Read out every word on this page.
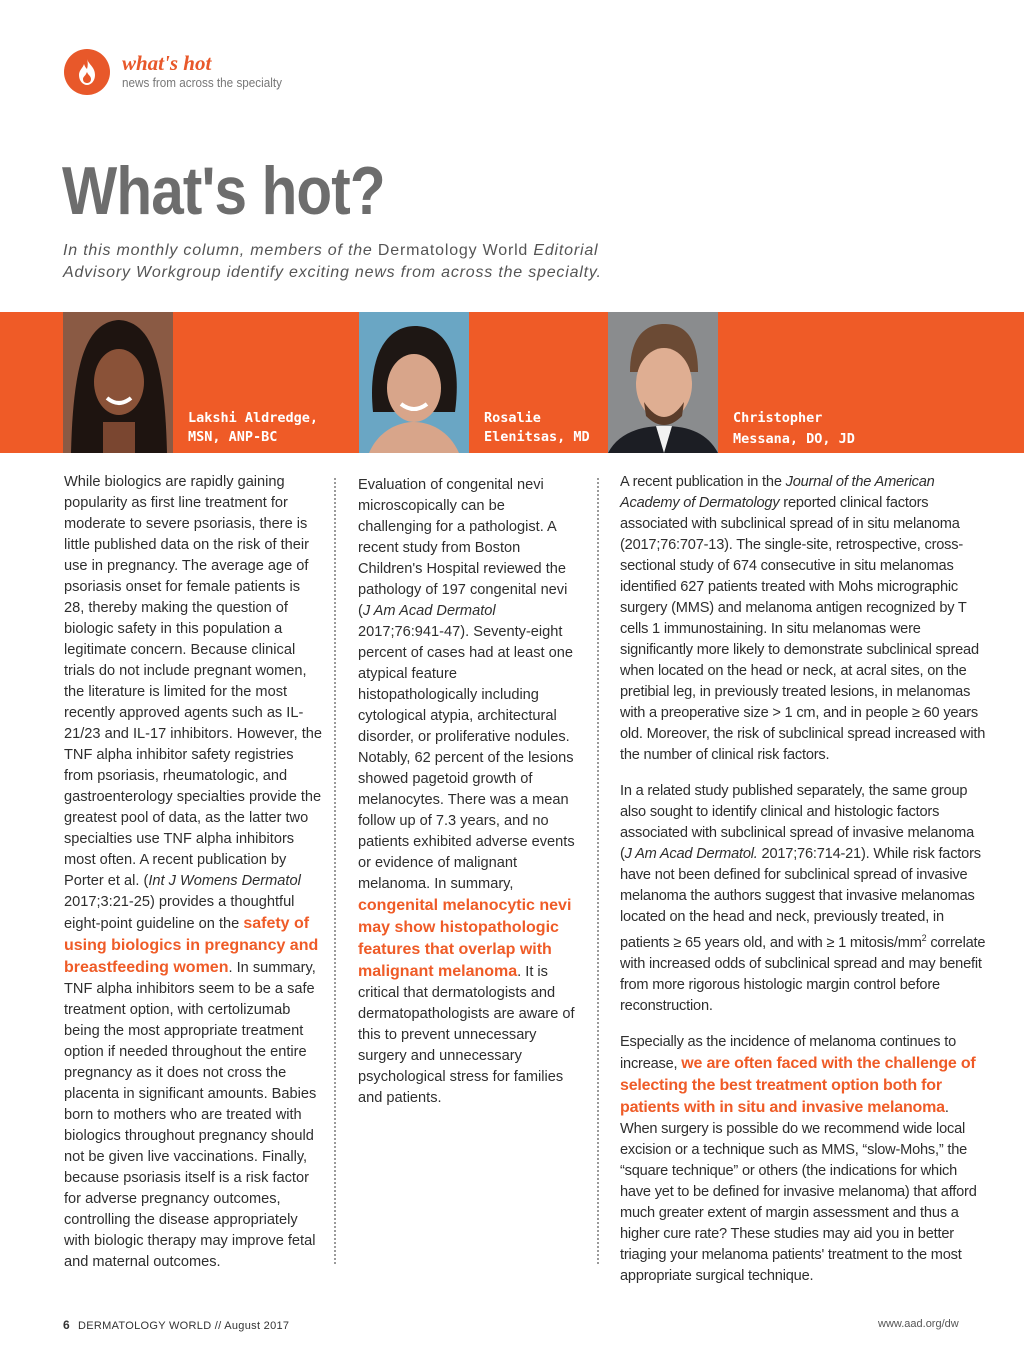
what's hot
news from across the specialty
What's hot?
In this monthly column, members of the Dermatology World Editorial Advisory Workgroup identify exciting news from across the specialty.
Lakshi Aldredge,
MSN, ANP-BC
Rosalie
Elenitsas, MD
Christopher
Messana, DO, JD

While biologics are rapidly gaining popularity as first line treatment for moderate to severe psoriasis, there is little published data on the risk of their use in pregnancy. The average age of psoriasis onset for female patients is 28, thereby making the question of biologic safety in this population a legitimate concern. Because clinical trials do not include pregnant women, the literature is limited for the most recently approved agents such as IL-21/23 and IL-17 inhibitors. However, the TNF alpha inhibitor safety registries from psoriasis, rheumatologic, and gastroenterology specialties provide the greatest pool of data, as the latter two specialties use TNF alpha inhibitors most often. A recent publication by Porter et al. (Int J Womens Dermatol 2017;3:21-25) provides a thoughtful eight-point guideline on the safety of using biologics in pregnancy and breastfeeding women. In summary, TNF alpha inhibitors seem to be a safe treatment option, with certolizumab being the most appropriate treatment option if needed throughout the entire pregnancy as it does not cross the placenta in significant amounts. Babies born to mothers who are treated with biologics throughout pregnancy should not be given live vaccinations. Finally, because psoriasis itself is a risk factor for adverse pregnancy outcomes, controlling the disease appropriately with biologic therapy may improve fetal and maternal outcomes.

Evaluation of congenital nevi microscopically can be challenging for a pathologist. A recent study from Boston Children's Hospital reviewed the pathology of 197 congenital nevi (J Am Acad Dermatol 2017;76:941-47). Seventy-eight percent of cases had at least one atypical feature histopathologically including cytological atypia, architectural disorder, or proliferative nodules. Notably, 62 percent of the lesions showed pagetoid growth of melanocytes. There was a mean follow up of 7.3 years, and no patients exhibited adverse events or evidence of malignant melanoma. In summary, congenital melanocytic nevi may show histopathologic features that overlap with malignant melanoma. It is critical that dermatologists and dermatopathologists are aware of this to prevent unnecessary surgery and unnecessary psychological stress for families and patients.

A recent publication in the Journal of the American Academy of Dermatology reported clinical factors associated with subclinical spread of in situ melanoma (2017;76:707-13). The single-site, retrospective, cross-sectional study of 674 consecutive in situ melanomas identified 627 patients treated with Mohs micrographic surgery (MMS) and melanoma antigen recognized by T cells 1 immunostaining. In situ melanomas were significantly more likely to demonstrate subclinical spread when located on the head or neck, at acral sites, on the pretibial leg, in previously treated lesions, in melanomas with a preoperative size > 1 cm, and in people ≥ 60 years old. Moreover, the risk of subclinical spread increased with the number of clinical risk factors.

In a related study published separately, the same group also sought to identify clinical and histologic factors associated with subclinical spread of invasive melanoma (J Am Acad Dermatol. 2017;76:714-21). While risk factors have not been defined for subclinical spread of invasive melanoma the authors suggest that invasive melanomas located on the head and neck, previously treated, in patients ≥ 65 years old, and with ≥ 1 mitosis/$mm^2$ correlate with increased odds of subclinical spread and may benefit from more rigorous histologic margin control before reconstruction.

Especially as the incidence of melanoma continues to increase, we are often faced with the challenge of selecting the best treatment option both for patients with in situ and invasive melanoma. When surgery is possible do we recommend wide local excision or a technique such as MMS, “slow-Mohs,” the “square technique” or others (the indications for which have yet to be defined for invasive melanoma) that afford much greater extent of margin assessment and thus a higher cure rate? These studies may aid you in better triaging your melanoma patients' treatment to the most appropriate surgical technique.

6 DERMATOLOGY WORLD // August 2017	www.aad.org/dw
